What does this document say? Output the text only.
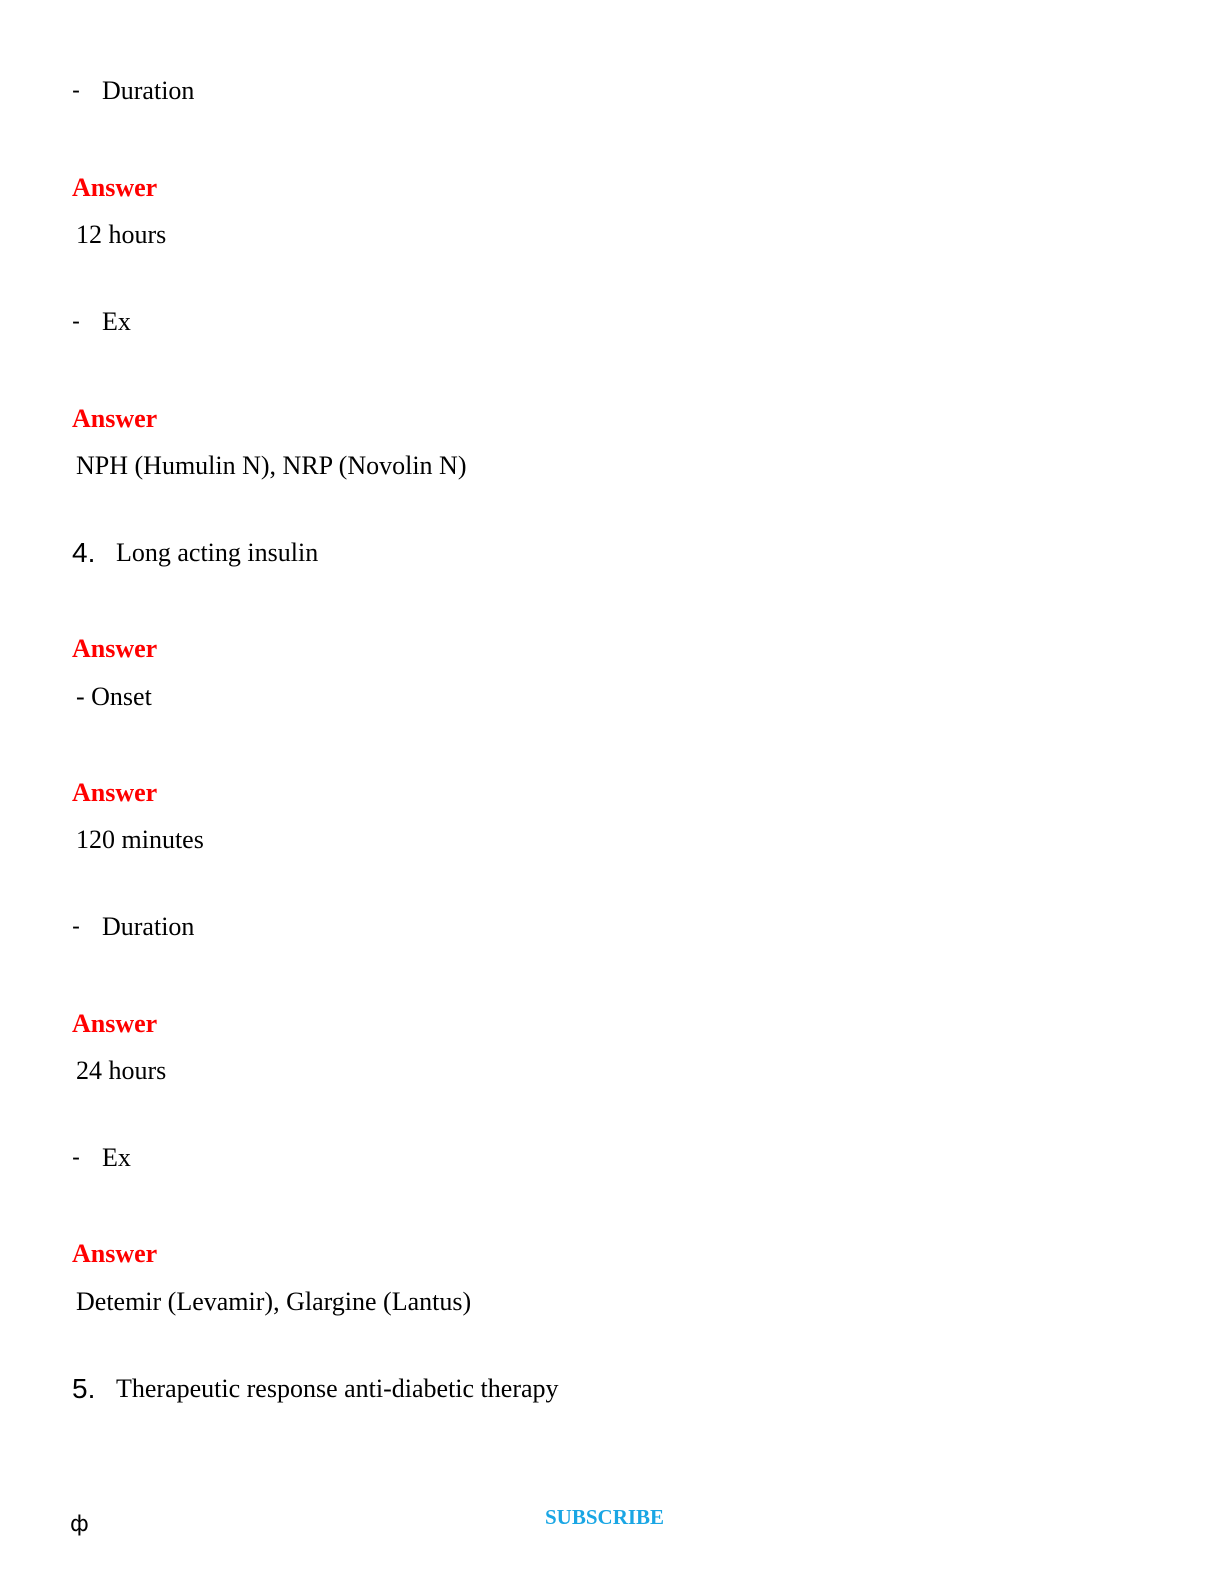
- Duration
Answer
12 hours
- Ex
Answer
NPH (Humulin N), NRP (Novolin N)
4. Long acting insulin
Answer
- Onset
Answer
120 minutes
- Duration
Answer
24 hours
- Ex
Answer
Detemir (Levamir), Glargine (Lantus)
5. Therapeutic response anti-diabetic therapy
ф	SUBSCRIBE
